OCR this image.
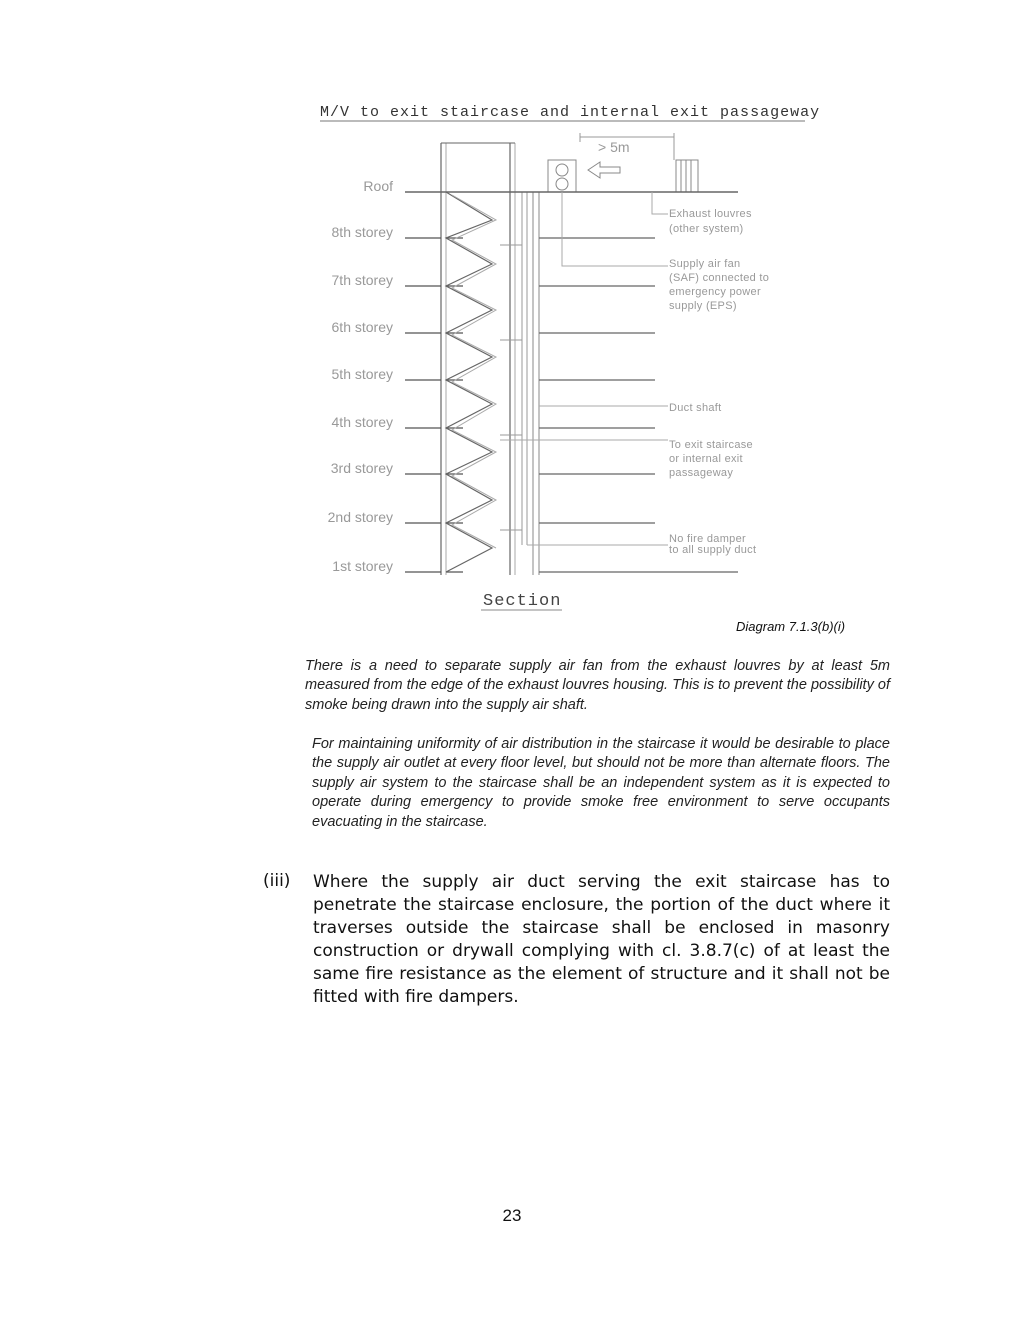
M/V to exit staircase and internal exit passageway
> 5m
Roof
8th storey
7th storey
6th storey
5th storey
4th storey
3rd storey
2nd storey
1st storey
Exhaust louvres (other system)
Supply air fan (SAF) connected to emergency power supply (EPS)
Duct shaft
To exit staircase or internal exit passageway
No fire damper to all supply duct
Section
Diagram 7.1.3(b)(i)

There is a need to separate supply air fan from the exhaust louvres by at least 5m measured from the edge of the exhaust louvres housing. This is to prevent the possibility of smoke being drawn into the supply air shaft.

For maintaining uniformity of air distribution in the staircase it would be desirable to place the supply air outlet at every floor level, but should not be more than alternate floors. The supply air system to the staircase shall be an independent system as it is expected to operate during emergency to provide smoke free environment to serve occupants evacuating in the staircase.

(iii) Where the supply air duct serving the exit staircase has to penetrate the staircase enclosure, the portion of the duct where it traverses outside the staircase shall be enclosed in masonry construction or drywall complying with cl. 3.8.7(c) of at least the same fire resistance as the element of structure and it shall not be fitted with fire dampers.
23
